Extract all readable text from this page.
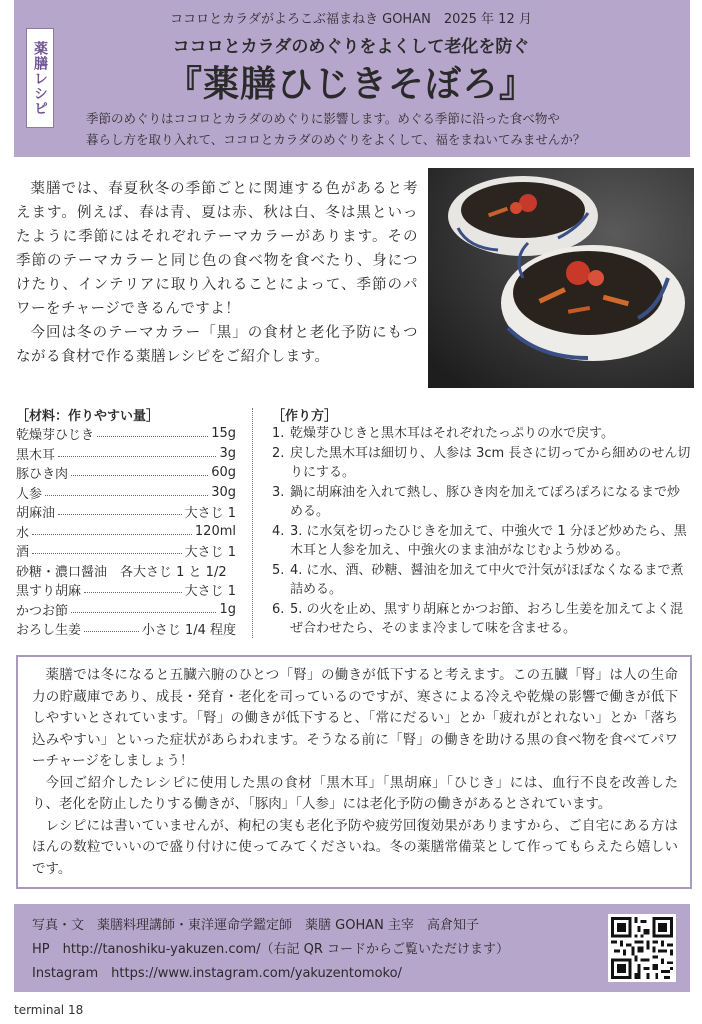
薬膳レシピ
ココロとカラダがよろこぶ福まねき GOHAN　2025 年 12 月
ココロとカラダのめぐりをよくして老化を防ぐ
『薬膳ひじきそぼろ』
季節のめぐりはココロとカラダのめぐりに影響します。めぐる季節に沿った食べ物や
暮らし方を取り入れて、ココロとカラダのめぐりをよくして、福をまねいてみませんか？

薬膳では、春夏秋冬の季節ごとに関連する色があると考えます。例えば、春は青、夏は赤、秋は白、冬は黒といったように季節にはそれぞれテーマカラーがあります。その季節のテーマカラーと同じ色の食べ物を食べたり、身につけたり、インテリアに取り入れることによって、季節のパワーをチャージできるんですよ！

今回は冬のテーマカラー「黒」の食材と老化予防にもつながる食材で作る薬膳レシピをご紹介します。

［材料：作りやすい量］
乾燥芽ひじき	15g
黒木耳	3g
豚ひき肉	60g
人参	30g
胡麻油	大さじ 1
水	120ml
酒	大さじ 1
砂糖・濃口醤油　各大さじ 1 と 1/2
黒すり胡麻	大さじ 1
かつお節	1g
おろし生姜	小さじ 1/4 程度
［作り方］
1. 乾燥芽ひじきと黒木耳はそれぞれたっぷりの水で戻す。
2. 戻した黒木耳は細切り、人参は 3cm 長さに切ってから細めのせん切りにする。
3. 鍋に胡麻油を入れて熱し、豚ひき肉を加えてぽろぽろになるまで炒める。
4. 3. に水気を切ったひじきを加えて、中強火で 1 分ほど炒めたら、黒木耳と人参を加え、中強火のまま油がなじむよう炒める。
5. 4. に水、酒、砂糖、醤油を加えて中火で汁気がほぼなくなるまで煮詰める。
6. 5. の火を止め、黒すり胡麻とかつお節、おろし生姜を加えてよく混ぜ合わせたら、そのまま冷まして味を含ませる。

薬膳では冬になると五臓六腑のひとつ「腎」の働きが低下すると考えます。この五臓「腎」は人の生命力の貯蔵庫であり、成長・発育・老化を司っているのですが、寒さによる冷えや乾燥の影響で働きが低下しやすいとされています。「腎」の働きが低下すると、「常にだるい」とか「疲れがとれない」とか「落ち込みやすい」といった症状があらわれます。そうなる前に「腎」の働きを助ける黒の食べ物を食べてパワーチャージをしましょう！

今回ご紹介したレシピに使用した黒の食材「黒木耳」「黒胡麻」「ひじき」には、血行不良を改善したり、老化を防止したりする働きが、「豚肉」「人参」には老化予防の働きがあるとされています。

レシピには書いていませんが、枸杞の実も老化予防や疲労回復効果がありますから、ご自宅にある方はほんの数粒でいいので盛り付けに使ってみてくださいね。冬の薬膳常備菜として作ってもらえたら嬉しいです。

写真・文　薬膳料理講師・東洋運命学鑑定師　薬膳 GOHAN 主宰　高倉知子
HP　http://tanoshiku-yakuzen.com/（右記 QR コードからご覧いただけます）
Instagram　https://www.instagram.com/yakuzentomoko/
terminal 18
